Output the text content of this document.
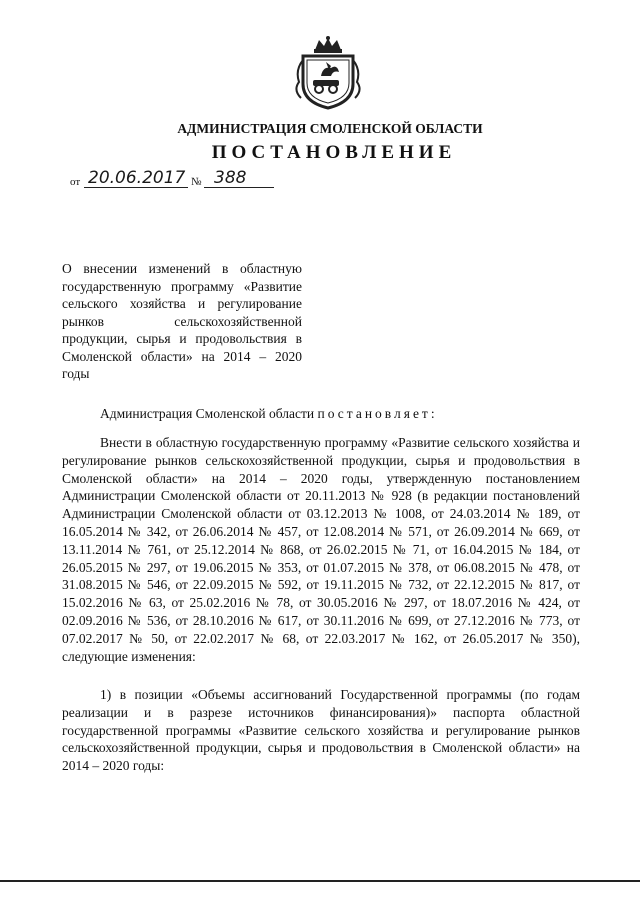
АДМИНИСТРАЦИЯ СМОЛЕНСКОЙ ОБЛАСТИ
ПОСТАНОВЛЕНИЕ
от 20.06.2017 № 388
О внесении изменений в областную государственную программу «Развитие сельского хозяйства и регулирование рынков сельскохозяйственной продукции, сырья и продовольствия в Смоленской области» на 2014 – 2020 годы
Администрация Смоленской области постановляет:
Внести в областную государственную программу «Развитие сельского хозяйства и регулирование рынков сельскохозяйственной продукции, сырья и продовольствия в Смоленской области» на 2014 – 2020 годы, утвержденную постановлением Администрации Смоленской области от 20.11.2013 № 928 (в редакции постановлений Администрации Смоленской области от 03.12.2013 № 1008, от 24.03.2014 № 189, от 16.05.2014 № 342, от 26.06.2014 № 457, от 12.08.2014 № 571, от 26.09.2014 № 669, от 13.11.2014 № 761, от 25.12.2014 № 868, от 26.02.2015 № 71, от 16.04.2015 № 184, от 26.05.2015 № 297, от 19.06.2015 № 353, от 01.07.2015 № 378, от 06.08.2015 № 478, от 31.08.2015 № 546, от 22.09.2015 № 592, от 19.11.2015 № 732, от 22.12.2015 № 817, от 15.02.2016 № 63, от 25.02.2016 № 78, от 30.05.2016 № 297, от 18.07.2016 № 424, от 02.09.2016 № 536, от 28.10.2016 № 617, от 30.11.2016 № 699, от 27.12.2016 № 773, от 07.02.2017 № 50, от 22.02.2017 № 68, от 22.03.2017 № 162, от 26.05.2017 № 350), следующие изменения:
1) в позиции «Объемы ассигнований Государственной программы (по годам реализации и в разрезе источников финансирования)» паспорта областной государственной программы «Развитие сельского хозяйства и регулирование рынков сельскохозяйственной продукции, сырья и продовольствия в Смоленской области» на 2014 – 2020 годы:
